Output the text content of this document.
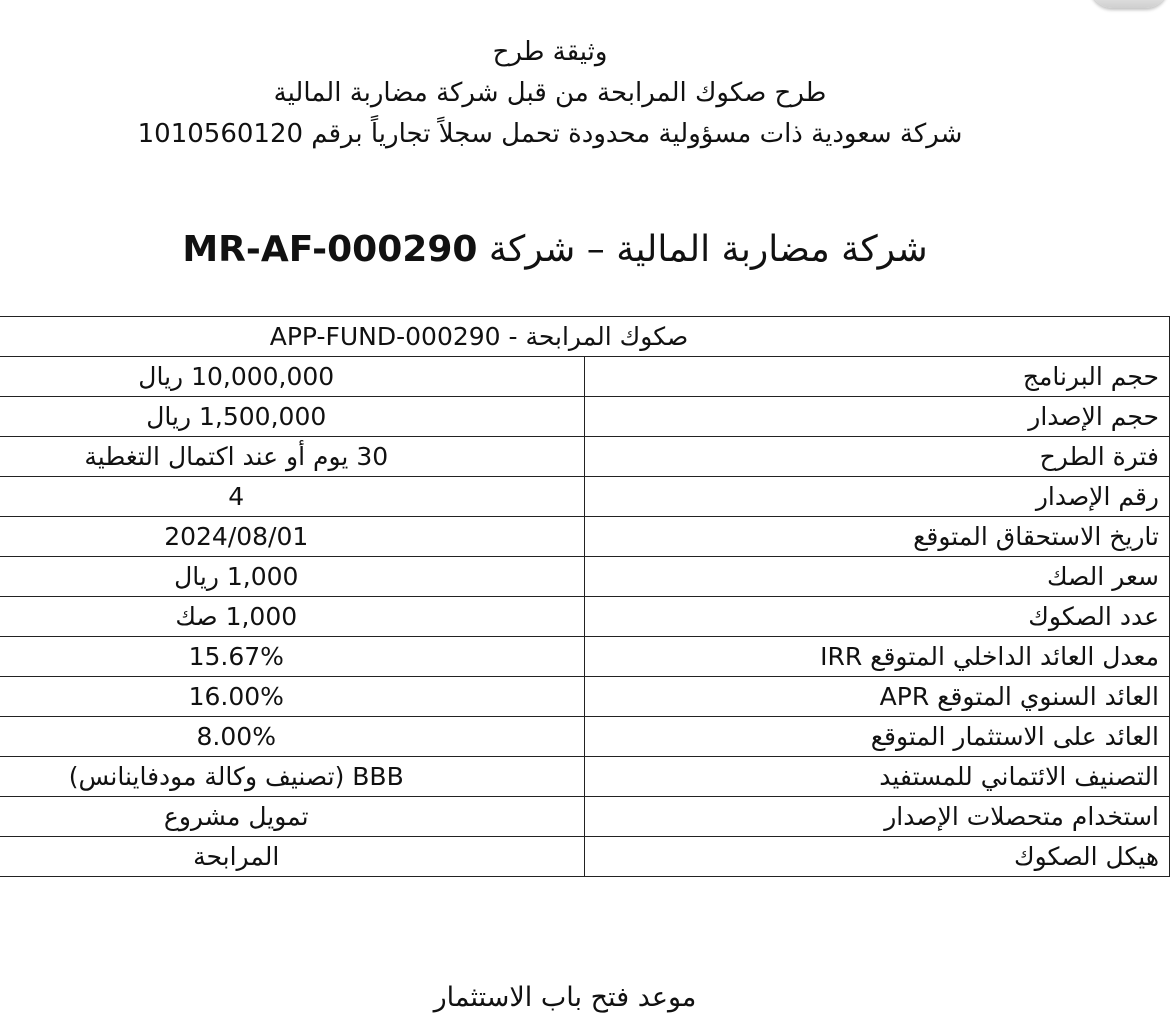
وثيقة طرح
طرح صكوك المرابحة من قبل شركة مضاربة المالية
شركة سعودية ذات مسؤولية محدودة تحمل سجلاً تجارياً برقم 1010560120
شركة مضاربة المالية – شركة MR-AF-000290
صكوك المرابحة - APP-FUND-000290	
حجم البرنامج	10,000,000 ريال
حجم الإصدار	1,500,000 ريال
فترة الطرح	30 يوم أو عند اكتمال التغطية
رقم الإصدار	4
تاريخ الاستحقاق المتوقع	2024/08/01
سعر الصك	1,000 ريال
عدد الصكوك	1,000 صك
معدل العائد الداخلي المتوقع IRR	15.67%
العائد السنوي المتوقع APR	16.00%
العائد على الاستثمار المتوقع	8.00%
التصنيف الائتماني للمستفيد	BBB (تصنيف وكالة مودفاينانس)
استخدام متحصلات الإصدار	تمويل مشروع
هيكل الصكوك	المرابحة
موعد فتح باب الاستثمار
